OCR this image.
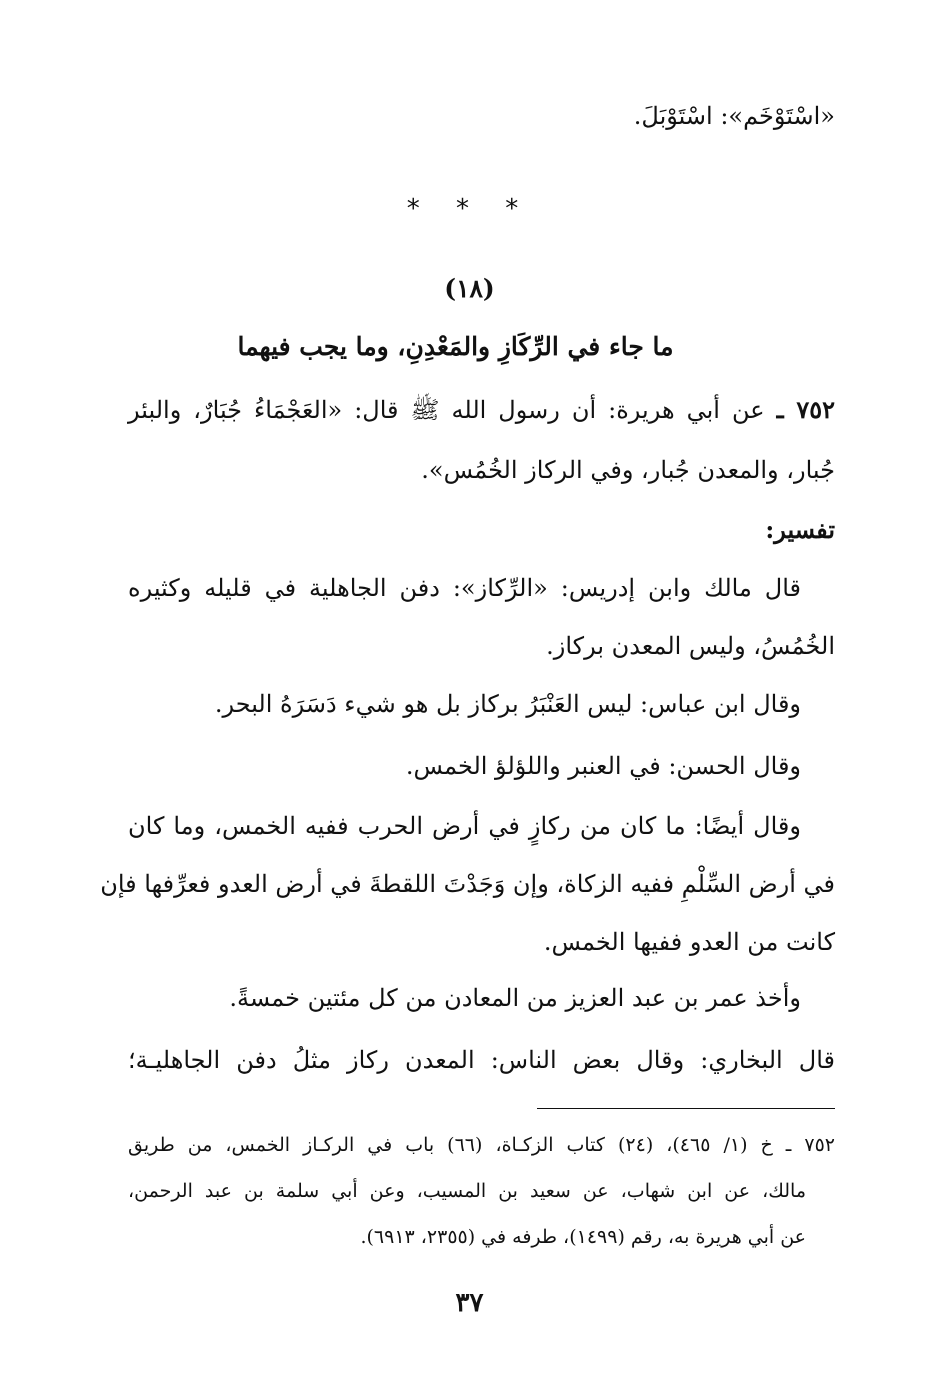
«اسْتَوْخَم»: اسْتَوْبَلَ.
* * *
(١٨)
ما جاء في الرِّكَازِ والمَعْدِنِ، وما يجب فيهما
٧٥٢ ـ عن أبي هريرة: أن رسول الله ﷺ قال: «العَجْمَاءُ جُبَارٌ، والبئر
جُبار، والمعدن جُبار، وفي الركاز الخُمُس».
تفسير:
قال مالك وابن إدريس: «الرِّكاز»: دفن الجاهلية في قليله وكثيره
الخُمُسُ، وليس المعدن بركاز.
وقال ابن عباس: ليس العَنْبَرُ بركاز بل هو شيء دَسَرَهُ البحر.
وقال الحسن: في العنبر واللؤلؤ الخمس.
وقال أيضًا: ما كان من ركازٍ في أرض الحرب ففيه الخمس، وما كان
في أرض السِّلْمِ ففيه الزكاة، وإن وَجَدْتَ اللقطةَ في أرض العدو فعرِّفها فإن
كانت من العدو ففيها الخمس.
وأخذ عمر بن عبد العزيز من المعادن من كل مئتين خمسةً.
قال البخاري: وقال بعض الناس: المعدن ركاز مثلُ دفن الجاهليـة؛
٧٥٢ ـ خ (١/ ٤٦٥)، (٢٤) كتاب الزكـاة، (٦٦) باب في الركـاز الخمس، من طريق
مالك، عن ابن شهاب، عن سعيد بن المسيب، وعن أبي سلمة بن عبد الرحمن،
عن أبي هريرة به، رقم (١٤٩٩)، طرفه في (٢٣٥٥، ٦٩١٣).
٣٧
